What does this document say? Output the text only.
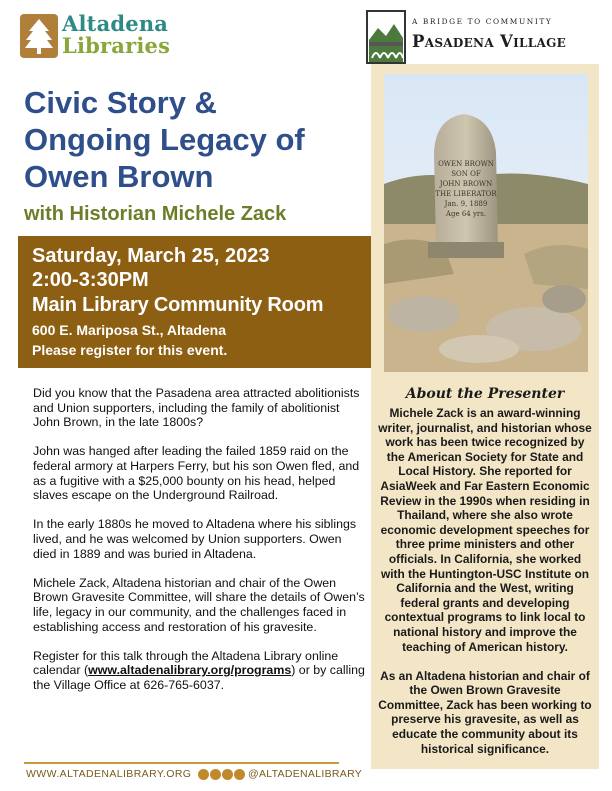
Altadena
Libraries
A BRIDGE TO COMMUNITY
Pasadena Village
Civic Story &
Ongoing Legacy of
Owen Brown
with Historian Michele Zack
OWEN BROWN
SON OF
JOHN BROWN
THE LIBERATOR
Jan. 9, 1889
Age 64 yrs.
Saturday, March 25, 2023
2:00-3:30PM
Main Library Community Room
600 E. Mariposa St., Altadena
Please register for this event.

Did you know that the Pasadena area attracted abolitionists and Union supporters, including the family of abolitionist John Brown, in the late 1800s?

John was hanged after leading the failed 1859 raid on the federal armory at Harpers Ferry, but his son Owen fled, and as a fugitive with a $25,000 bounty on his head, helped slaves escape on the Underground Railroad.

In the early 1880s he moved to Altadena where his siblings lived, and he was welcomed by Union supporters. Owen died in 1889 and was buried in Altadena.

Michele Zack, Altadena historian and chair of the Owen Brown Gravesite Committee, will share the details of Owen’s life, legacy in our community, and the challenges faced in establishing access and restoration of his gravesite.

Register for this talk through the Altadena Library online calendar (www.altadenalibrary.org/programs) or by calling the Village Office at 626-765-6037.

About the Presenter

Michele Zack is an award-winning writer, journalist, and historian whose work has been twice recognized by the American Society for State and Local History. She reported for AsiaWeek and Far Eastern Economic Review in the 1990s when residing in Thailand, where she also wrote economic development speeches for three prime ministers and other officials. In California, she worked with the Huntington-USC Institute on California and the West, writing federal grants and developing contextual programs to link local to national history and improve the teaching of American history.

As an Altadena historian and chair of the Owen Brown Gravesite Committee, Zack has been working to preserve his gravesite, as well as educate the community about its historical significance.

WWW.ALTADENALIBRARY.ORG	@ALTADENALIBRARY
